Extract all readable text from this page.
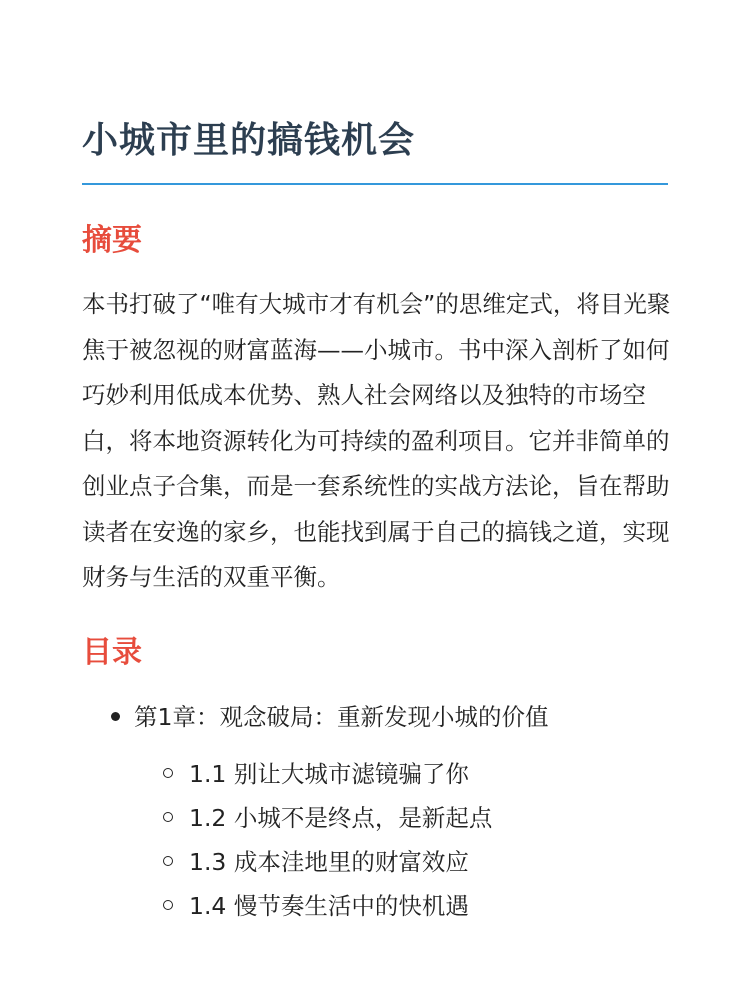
小城市里的搞钱机会
摘要

本书打破了“唯有大城市才有机会”的思维定式，将目光聚焦于被忽视的财富蓝海——小城市。书中深入剖析了如何巧妙利用低成本优势、熟人社会网络以及独特的市场空白，将本地资源转化为可持续的盈利项目。它并非简单的创业点子合集，而是一套系统性的实战方法论，旨在帮助读者在安逸的家乡，也能找到属于自己的搞钱之道，实现财务与生活的双重平衡。

目录
第1章：观念破局：重新发现小城的价值
1.1 别让大城市滤镜骗了你
1.2 小城不是终点，是新起点
1.3 成本洼地里的财富效应
1.4 慢节奏生活中的快机遇
